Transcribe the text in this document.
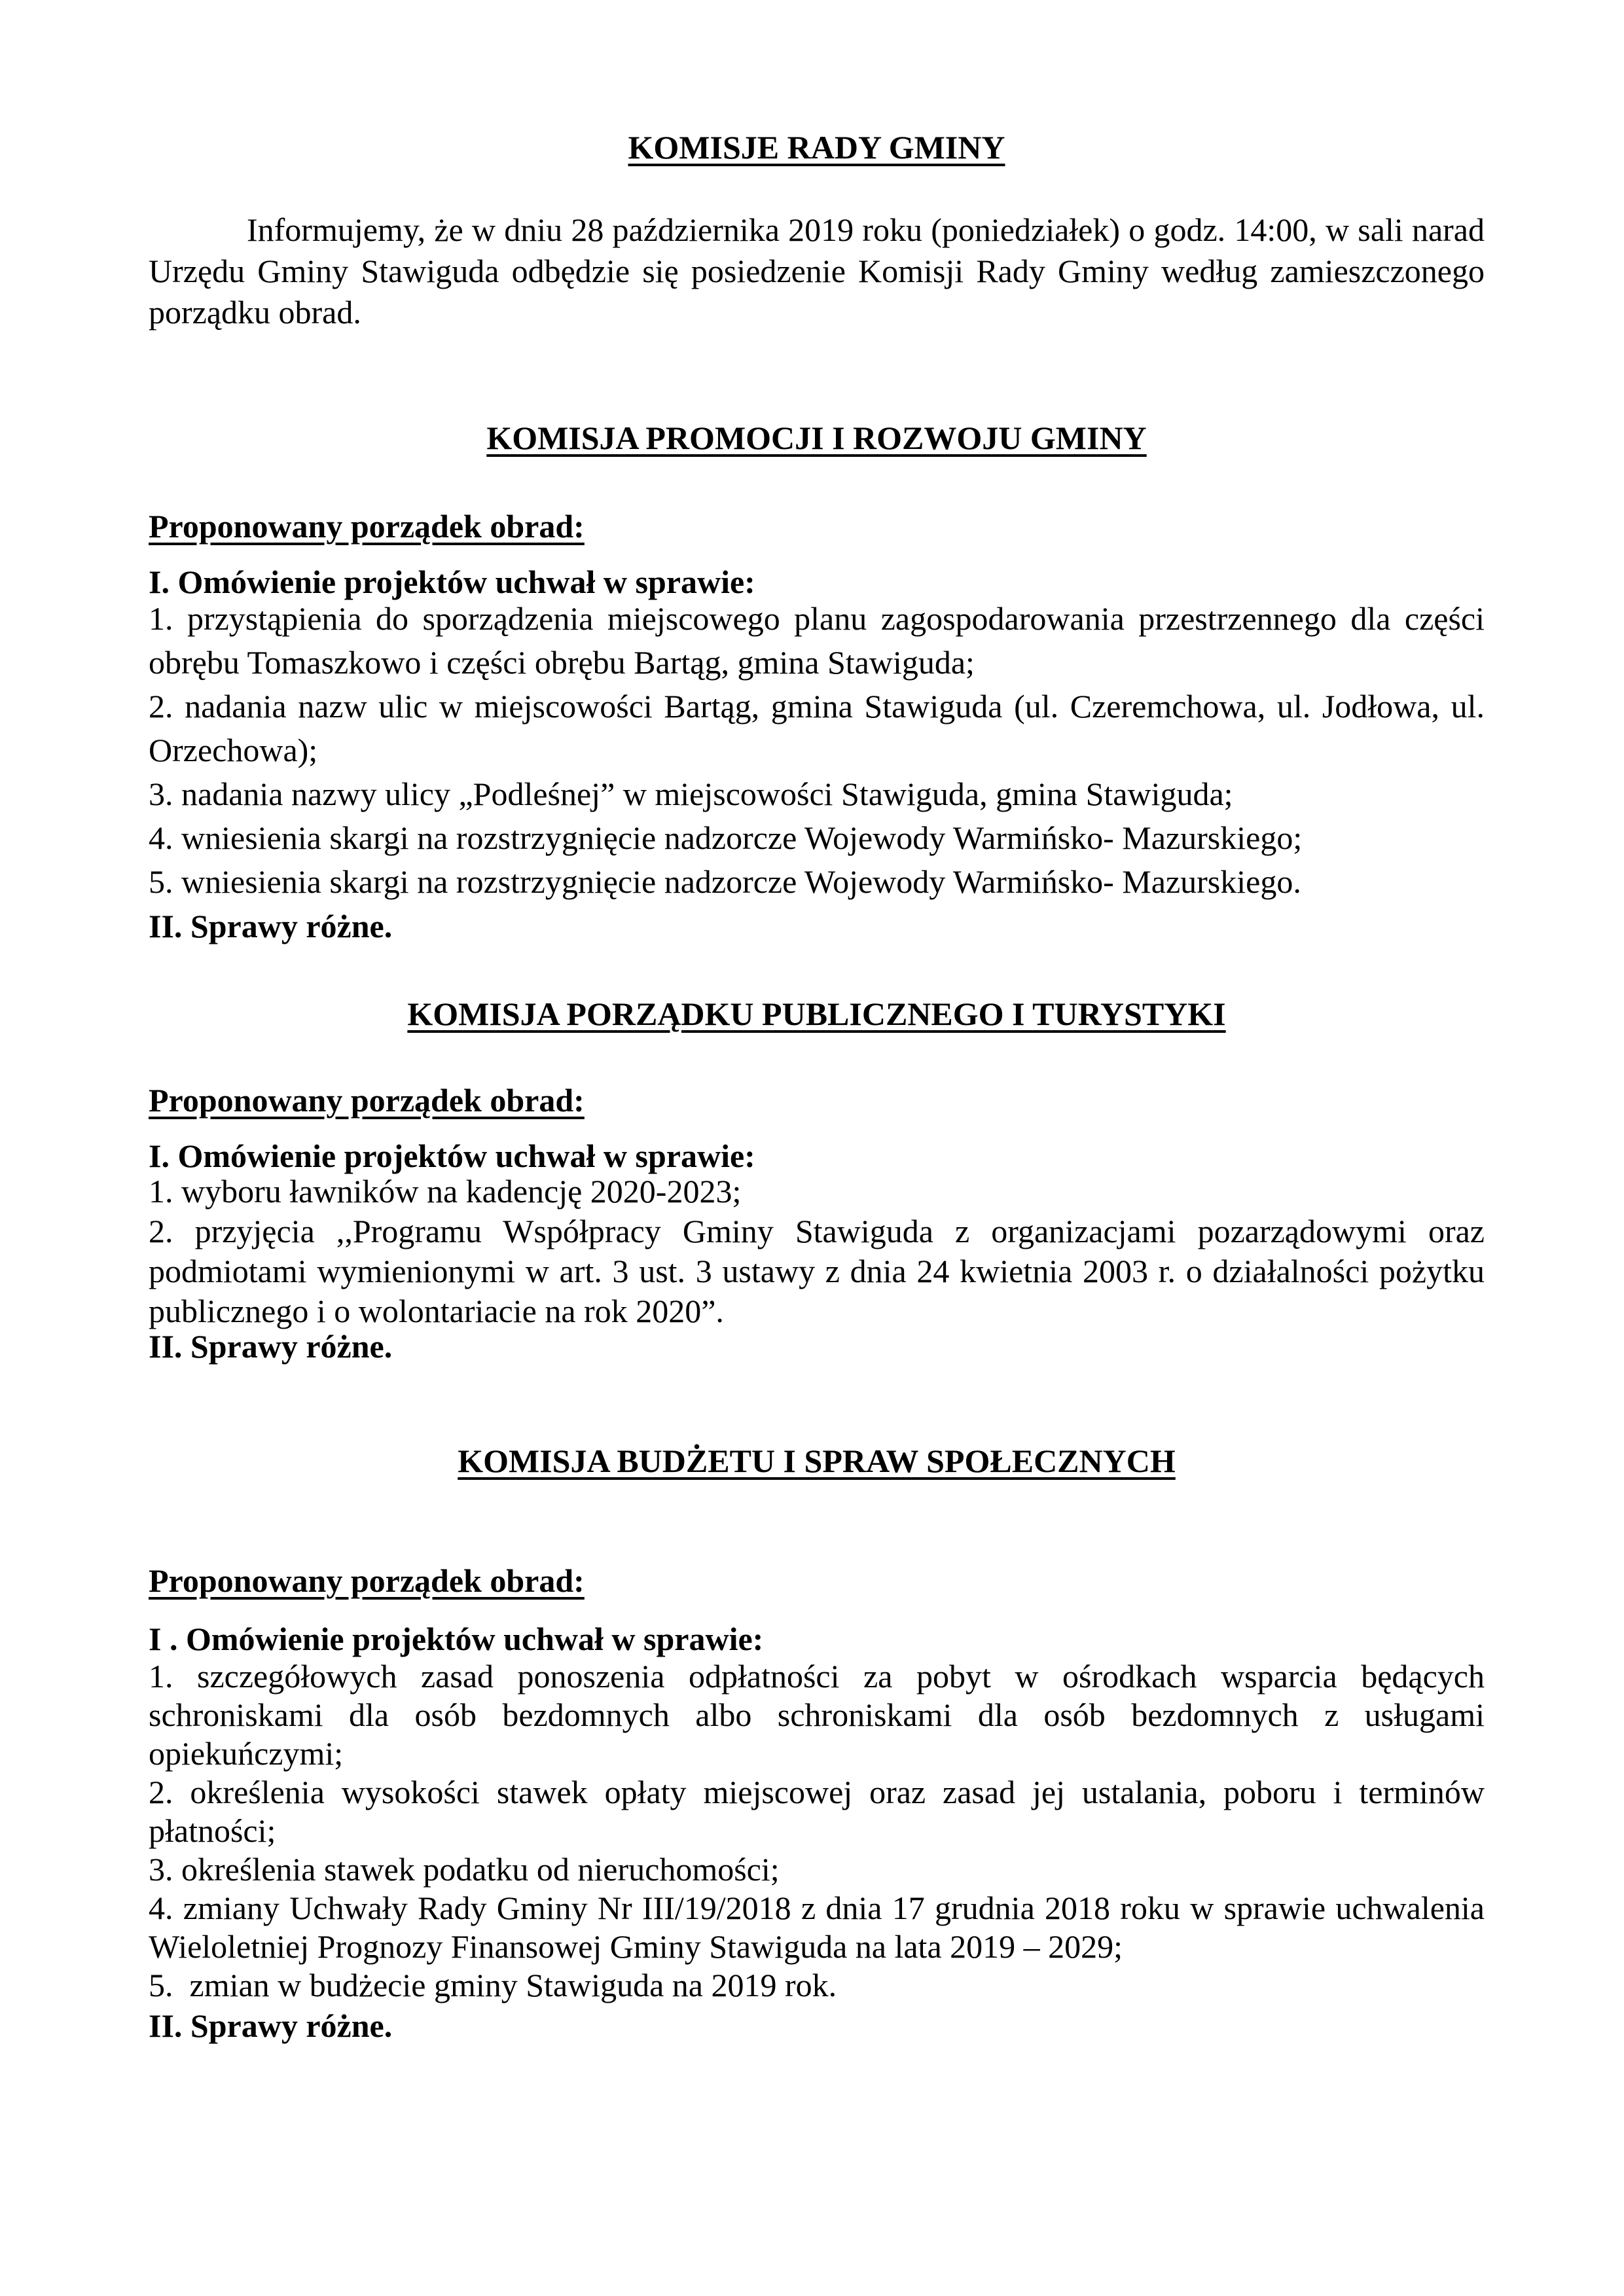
KOMISJE RADY GMINY
Informujemy, że w dniu 28 października 2019 roku (poniedziałek) o godz. 14:00, w sali narad Urzędu Gminy Stawiguda odbędzie się posiedzenie Komisji Rady Gminy według zamieszczonego porządku obrad.
KOMISJA PROMOCJI I ROZWOJU GMINY
Proponowany porządek obrad:
I. Omówienie projektów uchwał w sprawie:
1. przystąpienia do sporządzenia miejscowego planu zagospodarowania przestrzennego dla części obrębu Tomaszkowo i części obrębu Bartąg, gmina Stawiguda;
2. nadania nazw ulic w miejscowości Bartąg, gmina Stawiguda (ul. Czeremchowa, ul. Jodłowa, ul. Orzechowa);
3. nadania nazwy ulicy „Podleśnej” w miejscowości Stawiguda, gmina Stawiguda;
4. wniesienia skargi na rozstrzygnięcie nadzorcze Wojewody Warmińsko- Mazurskiego;
5. wniesienia skargi na rozstrzygnięcie nadzorcze Wojewody Warmińsko- Mazurskiego.
II. Sprawy różne.
KOMISJA PORZĄDKU PUBLICZNEGO I TURYSTYKI
Proponowany porządek obrad:
I. Omówienie projektów uchwał w sprawie:
1. wyboru ławników na kadencję 2020-2023;
2. przyjęcia ,,Programu Współpracy Gminy Stawiguda z organizacjami pozarządowymi oraz podmiotami wymienionymi w art. 3 ust. 3 ustawy z dnia 24 kwietnia 2003 r. o działalności pożytku publicznego i o wolontariacie na rok 2020”.
II. Sprawy różne.
KOMISJA BUDŻETU I SPRAW SPOŁECZNYCH
Proponowany porządek obrad:
I . Omówienie projektów uchwał w sprawie:
1. szczegółowych zasad ponoszenia odpłatności za pobyt w ośrodkach wsparcia będących schroniskami dla osób bezdomnych albo schroniskami dla osób bezdomnych z usługami opiekuńczymi;
2. określenia wysokości stawek opłaty miejscowej oraz zasad jej ustalania, poboru i terminów płatności;
3. określenia stawek podatku od nieruchomości;
4. zmiany Uchwały Rady Gminy Nr III/19/2018 z dnia 17 grudnia 2018 roku w sprawie uchwalenia Wieloletniej Prognozy Finansowej Gminy Stawiguda na lata 2019 – 2029;
5.  zmian w budżecie gminy Stawiguda na 2019 rok.
II. Sprawy różne.
